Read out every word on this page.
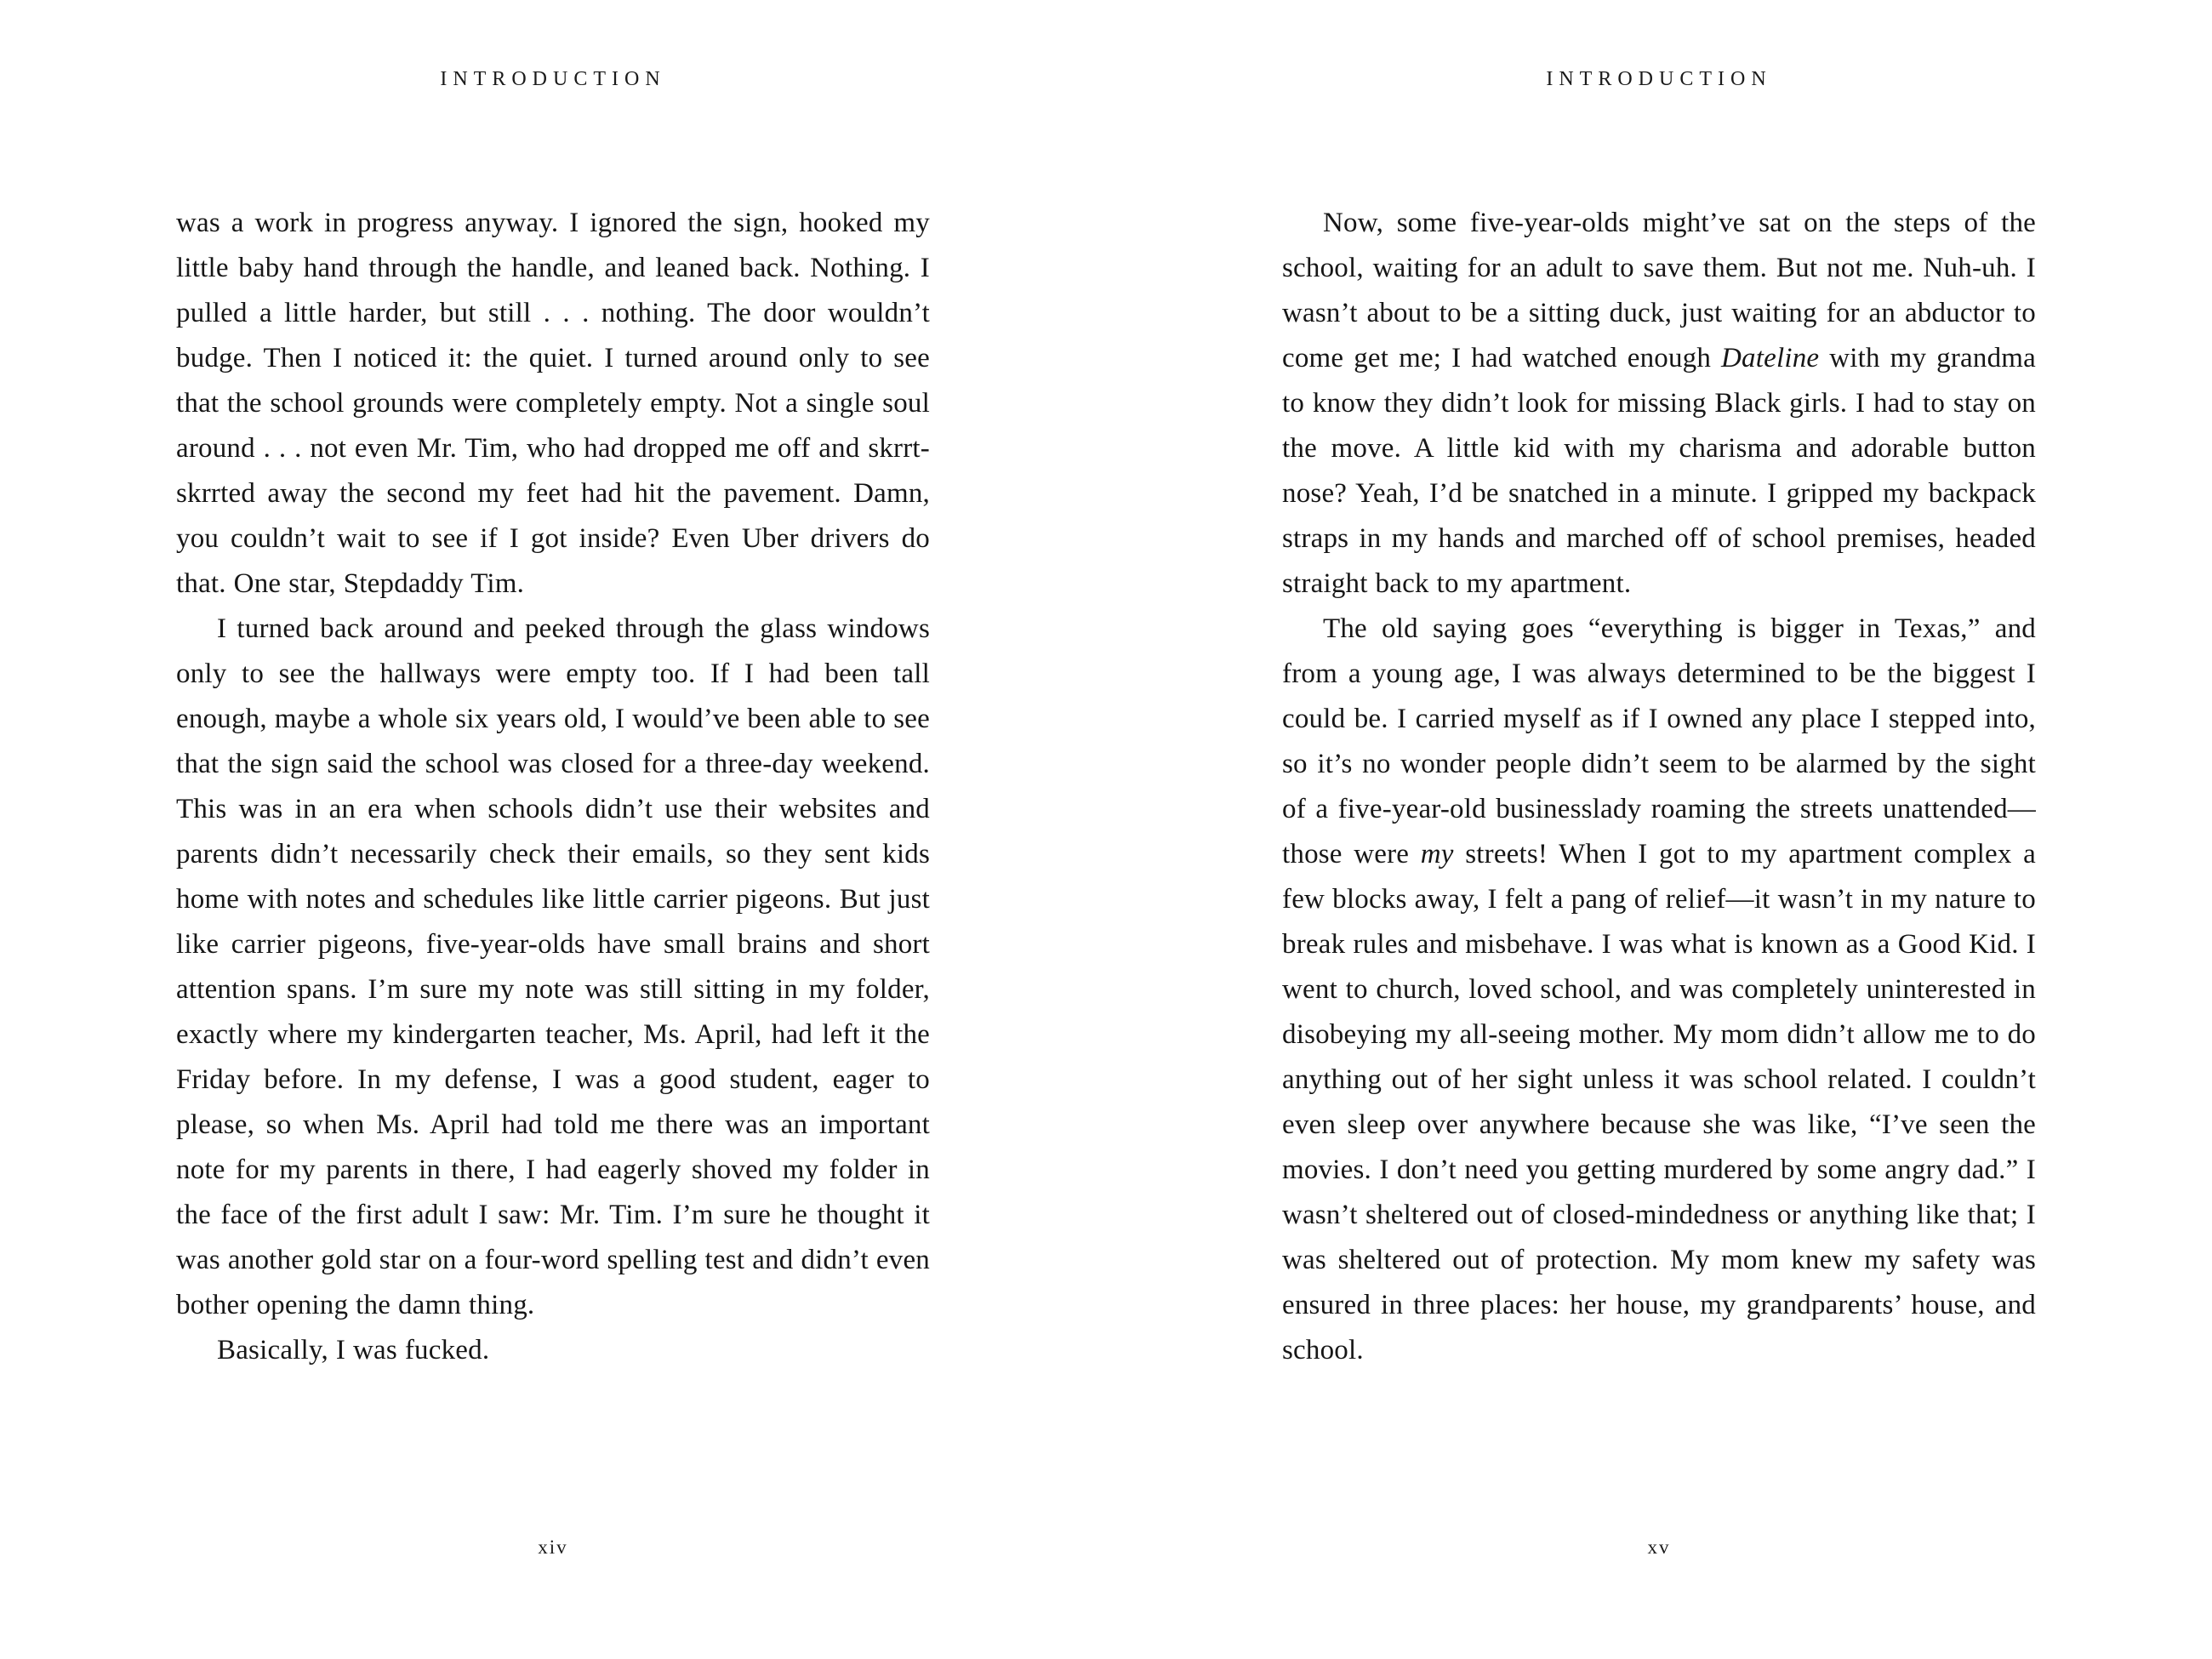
INTRODUCTION

was a work in progress anyway. I ignored the sign, hooked my little baby hand through the handle, and leaned back. Nothing. I pulled a little harder, but still . . . nothing. The door wouldn’t budge. Then I noticed it: the quiet. I turned around only to see that the school grounds were completely empty. Not a single soul around . . . not even Mr. Tim, who had dropped me off and skrrt-skrrted away the second my feet had hit the pavement. Damn, you couldn’t wait to see if I got inside? Even Uber drivers do that. One star, Stepdaddy Tim.

I turned back around and peeked through the glass windows only to see the hallways were empty too. If I had been tall enough, maybe a whole six years old, I would’ve been able to see that the sign said the school was closed for a three-day weekend. This was in an era when schools didn’t use their websites and parents didn’t necessarily check their emails, so they sent kids home with notes and schedules like little carrier pigeons. But just like carrier pigeons, five-year-olds have small brains and short attention spans. I’m sure my note was still sitting in my folder, exactly where my kindergarten teacher, Ms. April, had left it the Friday before. In my defense, I was a good student, eager to please, so when Ms. April had told me there was an important note for my parents in there, I had eagerly shoved my folder in the face of the first adult I saw: Mr. Tim. I’m sure he thought it was another gold star on a four-word spelling test and didn’t even bother opening the damn thing.

Basically, I was fucked.

xiv
INTRODUCTION

Now, some five-year-olds might’ve sat on the steps of the school, waiting for an adult to save them. But not me. Nuh-uh. I wasn’t about to be a sitting duck, just waiting for an abductor to come get me; I had watched enough Dateline with my grandma to know they didn’t look for missing Black girls. I had to stay on the move. A little kid with my charisma and adorable button nose? Yeah, I’d be snatched in a minute. I gripped my backpack straps in my hands and marched off of school premises, headed straight back to my apartment.

The old saying goes “everything is bigger in Texas,” and from a young age, I was always determined to be the biggest I could be. I carried myself as if I owned any place I stepped into, so it’s no wonder people didn’t seem to be alarmed by the sight of a five-year-old businesslady roaming the streets unattended—those were my streets! When I got to my apartment complex a few blocks away, I felt a pang of relief—it wasn’t in my nature to break rules and misbehave. I was what is known as a Good Kid. I went to church, loved school, and was completely uninterested in disobeying my all-seeing mother. My mom didn’t allow me to do anything out of her sight unless it was school related. I couldn’t even sleep over anywhere because she was like, “I’ve seen the movies. I don’t need you getting murdered by some angry dad.” I wasn’t sheltered out of closed-mindedness or anything like that; I was sheltered out of protection. My mom knew my safety was ensured in three places: her house, my grandparents’ house, and school.

xv
